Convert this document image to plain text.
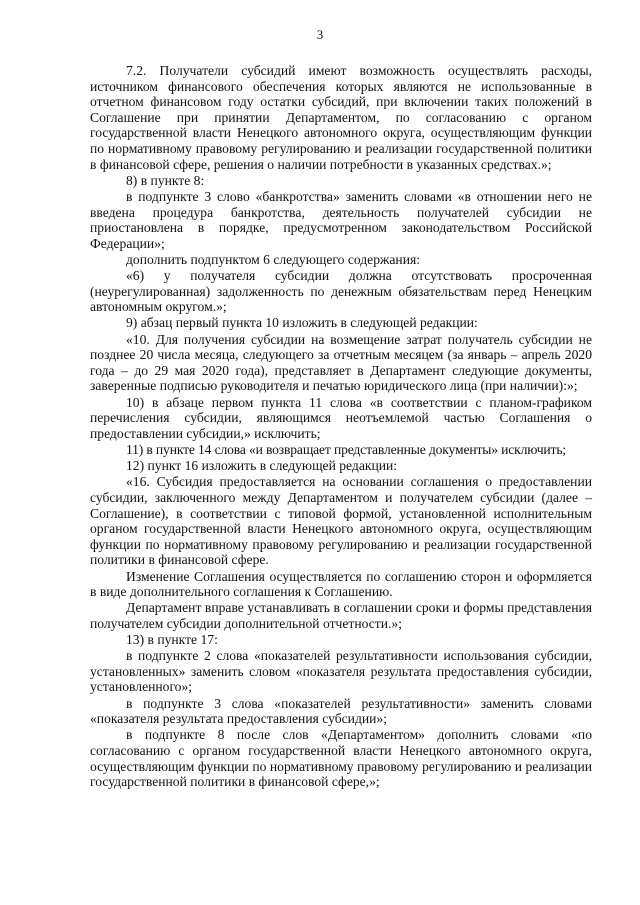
3

7.2. Получатели субсидий имеют возможность осуществлять расходы, источником финансового обеспечения которых являются не использованные в отчетном финансовом году остатки субсидий, при включении таких положений в Соглашение при принятии Департаментом, по согласованию с органом государственной власти Ненецкого автономного округа, осуществляющим функции по нормативному правовому регулированию и реализации государственной политики в финансовой сфере, решения о наличии потребности в указанных средствах.»;

8) в пункте 8:

в подпункте 3 слово «банкротства» заменить словами «в отношении него не введена процедура банкротства, деятельность получателей субсидии не приостановлена в порядке, предусмотренном законодательством Российской Федерации»;

дополнить подпунктом 6 следующего содержания:

«6) у получателя субсидии должна отсутствовать просроченная (неурегулированная) задолженность по денежным обязательствам перед Ненецким автономным округом.»;

9) абзац первый пункта 10 изложить в следующей редакции:

«10. Для получения субсидии на возмещение затрат получатель субсидии не позднее 20 числа месяца, следующего за отчетным месяцем (за январь – апрель 2020 года – до 29 мая 2020 года), представляет в Департамент следующие документы, заверенные подписью руководителя и печатью юридического лица (при наличии):»;

10) в абзаце первом пункта 11 слова «в соответствии с планом-графиком перечисления субсидии, являющимся неотъемлемой частью Соглашения о предоставлении субсидии,» исключить;

11) в пункте 14 слова «и возвращает представленные документы» исключить;

12) пункт 16 изложить в следующей редакции:

«16. Субсидия предоставляется на основании соглашения о предоставлении субсидии, заключенного между Департаментом и получателем субсидии (далее – Соглашение), в соответствии с типовой формой, установленной исполнительным органом государственной власти Ненецкого автономного округа, осуществляющим функции по нормативному правовому регулированию и реализации государственной политики в финансовой сфере.

Изменение Соглашения осуществляется по соглашению сторон и оформляется в виде дополнительного соглашения к Соглашению.

Департамент вправе устанавливать в соглашении сроки и формы представления получателем субсидии дополнительной отчетности.»;

13) в пункте 17:

в подпункте 2 слова «показателей результативности использования субсидии, установленных» заменить словом «показателя результата предоставления субсидии, установленного»;

в подпункте 3 слова «показателей результативности» заменить словами «показателя результата предоставления субсидии»;

в подпункте 8 после слов «Департаментом» дополнить словами «по согласованию с органом государственной власти Ненецкого автономного округа, осуществляющим функции по нормативному правовому регулированию и реализации государственной политики в финансовой сфере,»;
